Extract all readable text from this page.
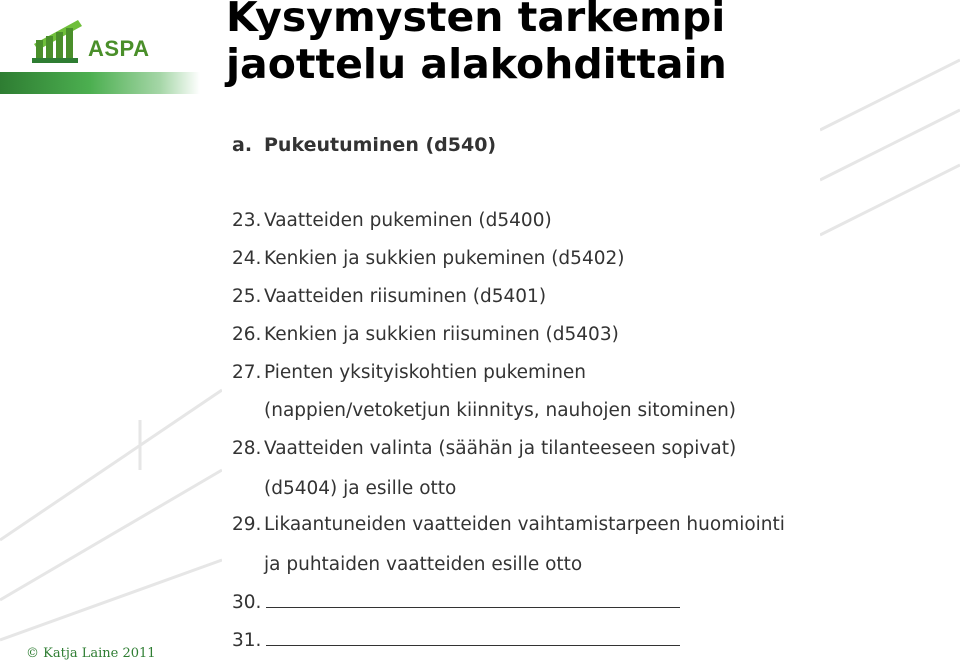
ASPA
Kysymysten tarkempi
jaottelu alakohdittain
a. Pukeutuminen (d540)
23. Vaatteiden pukeminen (d5400)
24. Kenkien ja sukkien pukeminen (d5402)
25. Vaatteiden riisuminen (d5401)
26. Kenkien ja sukkien riisuminen (d5403)
27. Pienten yksityiskohtien pukeminen
(nappien/vetoketjun kiinnitys, nauhojen sitominen)
28. Vaatteiden valinta (säähän ja tilanteeseen sopivat)
(d5404) ja esille otto
29. Likaantuneiden vaatteiden vaihtamistarpeen huomiointi
ja puhtaiden vaatteiden esille otto
30.
31.
© Katja Laine 2011
